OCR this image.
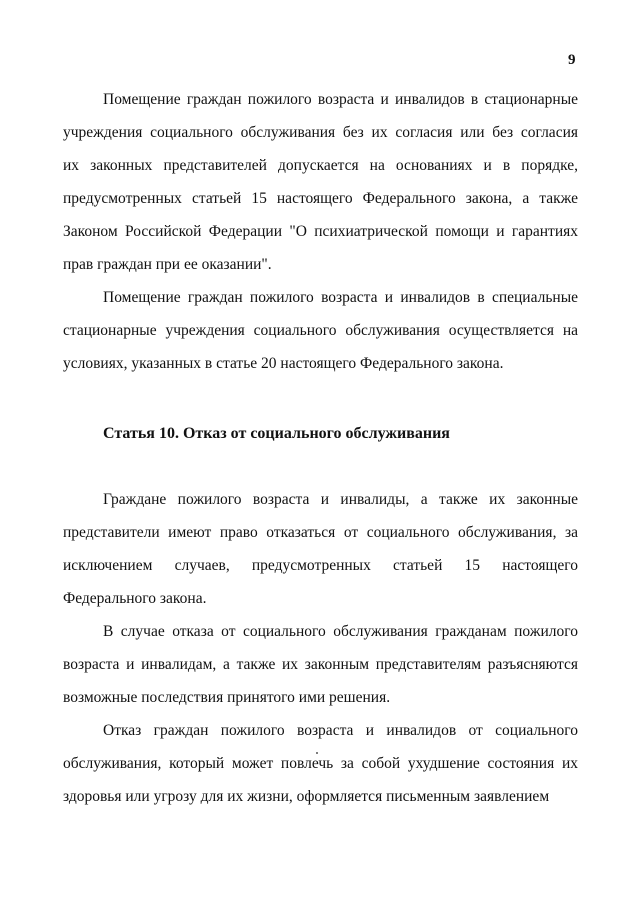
9
Помещение граждан пожилого возраста и инвалидов в стационарные
учреждения социального обслуживания без их согласия или без согласия
их законных представителей допускается на основаниях и в порядке,
предусмотренных статьей 15 настоящего Федерального закона, а также
Законом Российской Федерации "О психиатрической помощи и гарантиях
прав граждан при ее оказании".
Помещение граждан пожилого возраста и инвалидов в специальные
стационарные учреждения социального обслуживания осуществляется на
условиях, указанных в статье 20 настоящего Федерального закона.
Статья 10. Отказ от социального обслуживания
Граждане пожилого возраста и инвалиды, а также их законные
представители имеют право отказаться от социального обслуживания, за
исключением случаев, предусмотренных статьей 15 настоящего
Федерального закона.
В случае отказа от социального обслуживания гражданам пожилого
возраста и инвалидам, а также их законным представителям разъясняются
возможные последствия принятого ими решения.
Отказ граждан пожилого возраста и инвалидов от социального
обслуживания, который может повлечь за собой ухудшение состояния их
здоровья или угрозу для их жизни, оформляется письменным заявлением
